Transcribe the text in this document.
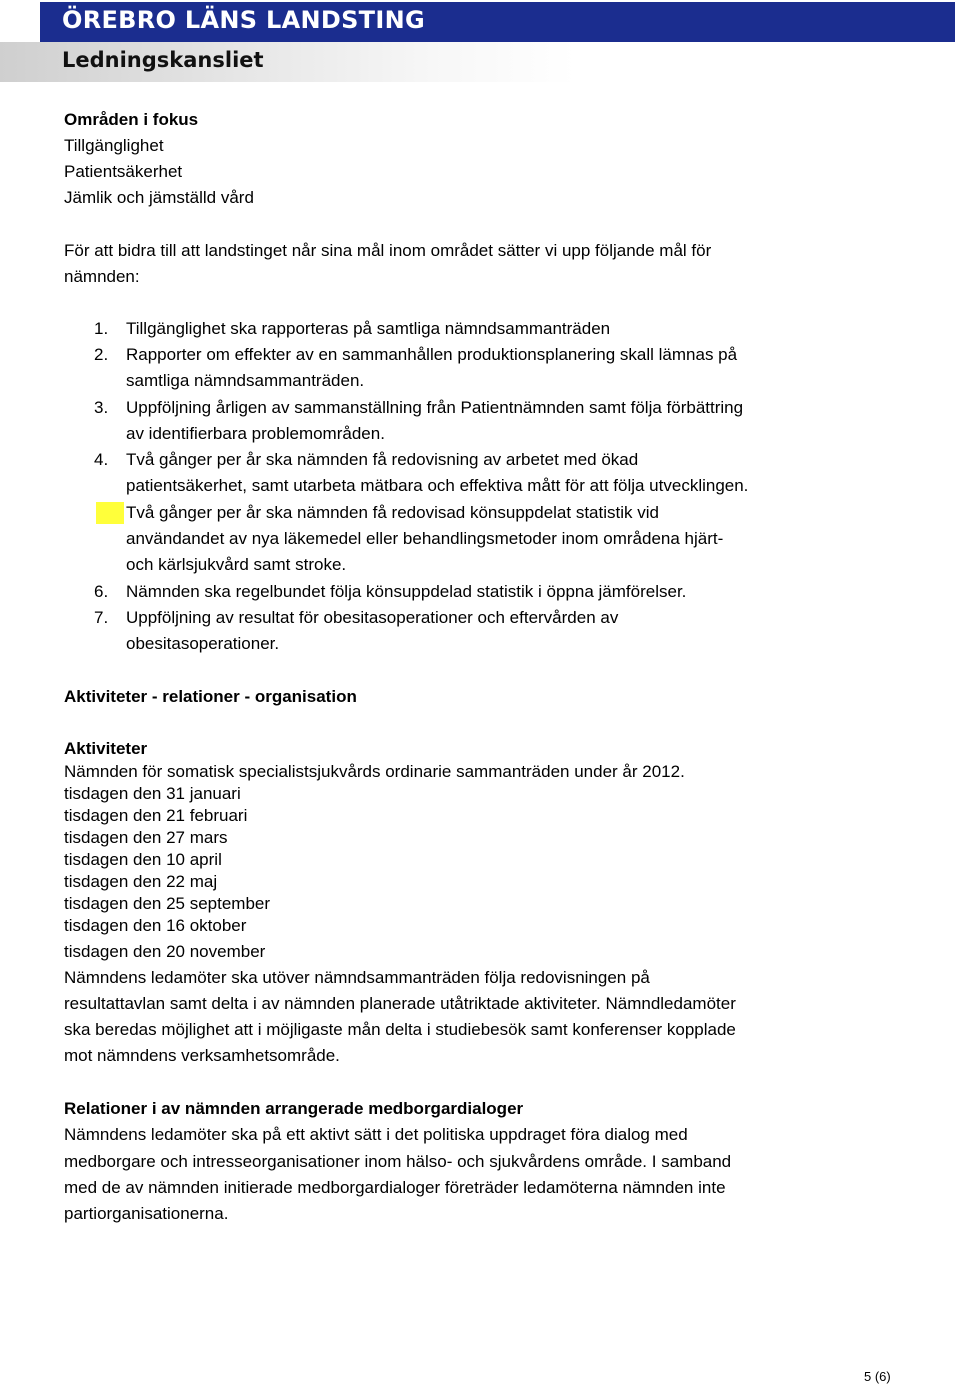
ÖREBRO LÄNS LANDSTING
Ledningskansliet
Områden i fokus
Tillgänglighet
Patientsäkerhet
Jämlik och jämställd vård
För att bidra till att landstinget når sina mål inom området sätter vi upp följande mål för
nämnden:
1. Tillgänglighet ska rapporteras på samtliga nämndsammanträden
2. Rapporter om effekter av en sammanhållen produktionsplanering skall lämnas på
samtliga nämndsammanträden.
3. Uppföljning årligen av sammanställning från Patientnämnden samt följa förbättring
av identifierbara problemområden.
4. Två gånger per år ska nämnden få redovisning av arbetet med ökad
patientsäkerhet, samt utarbeta mätbara och effektiva mått för att följa utvecklingen.
Två gånger per år ska nämnden få redovisad könsuppdelat statistik vid
användandet av nya läkemedel eller behandlingsmetoder inom områdena hjärt-
och kärlsjukvård samt stroke.
6. Nämnden ska regelbundet följa könsuppdelad statistik i öppna jämförelser.
7. Uppföljning av resultat för obesitasoperationer och eftervården av
obesitasoperationer.
Aktiviteter - relationer - organisation
Aktiviteter
Nämnden för somatisk specialistsjukvårds ordinarie sammanträden under år 2012.
tisdagen den 31 januari
tisdagen den 21 februari
tisdagen den 27 mars
tisdagen den 10 april
tisdagen den 22 maj
tisdagen den 25 september
tisdagen den 16 oktober
tisdagen den 20 november
Nämndens ledamöter ska utöver nämndsammanträden följa redovisningen på
resultattavlan samt delta i av nämnden planerade utåtriktade aktiviteter. Nämndledamöter
ska beredas möjlighet att i möjligaste mån delta i studiebesök samt konferenser kopplade
mot nämndens verksamhetsområde.
Relationer i av nämnden arrangerade medborgardialoger
Nämndens ledamöter ska på ett aktivt sätt i det politiska uppdraget föra dialog med
medborgare och intresseorganisationer inom hälso- och sjukvårdens område. I samband
med de av nämnden initierade medborgardialoger företräder ledamöterna nämnden inte
partiorganisationerna.
5 (6)
